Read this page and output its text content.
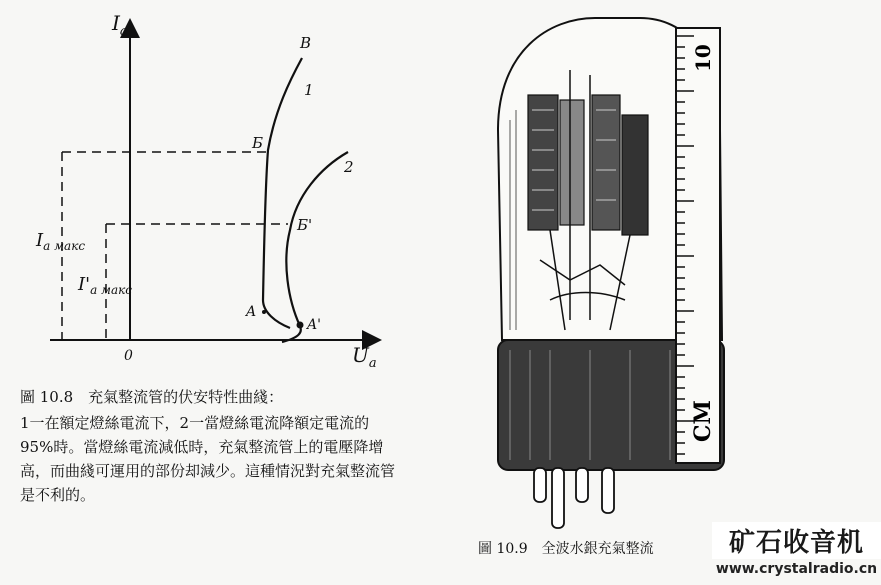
$I_a$
$U_a$
0
В
1
Б
2
Б'
A
A'
$I_{a макс}$
$I'_{a макс}$
圖 10.8　充氣整流管的伏安特性曲綫：
1一在額定燈絲電流下，2一當燈絲電流降額定電流的95%時。當燈絲電流減低時，充氣整流管上的電壓降增高，而曲綫可運用的部份却減少。這種情況對充氣整流管是不利的。
10
CM
圖 10.9　全波水銀充氣整流	矿石收音机
www.crystalradio.cn
